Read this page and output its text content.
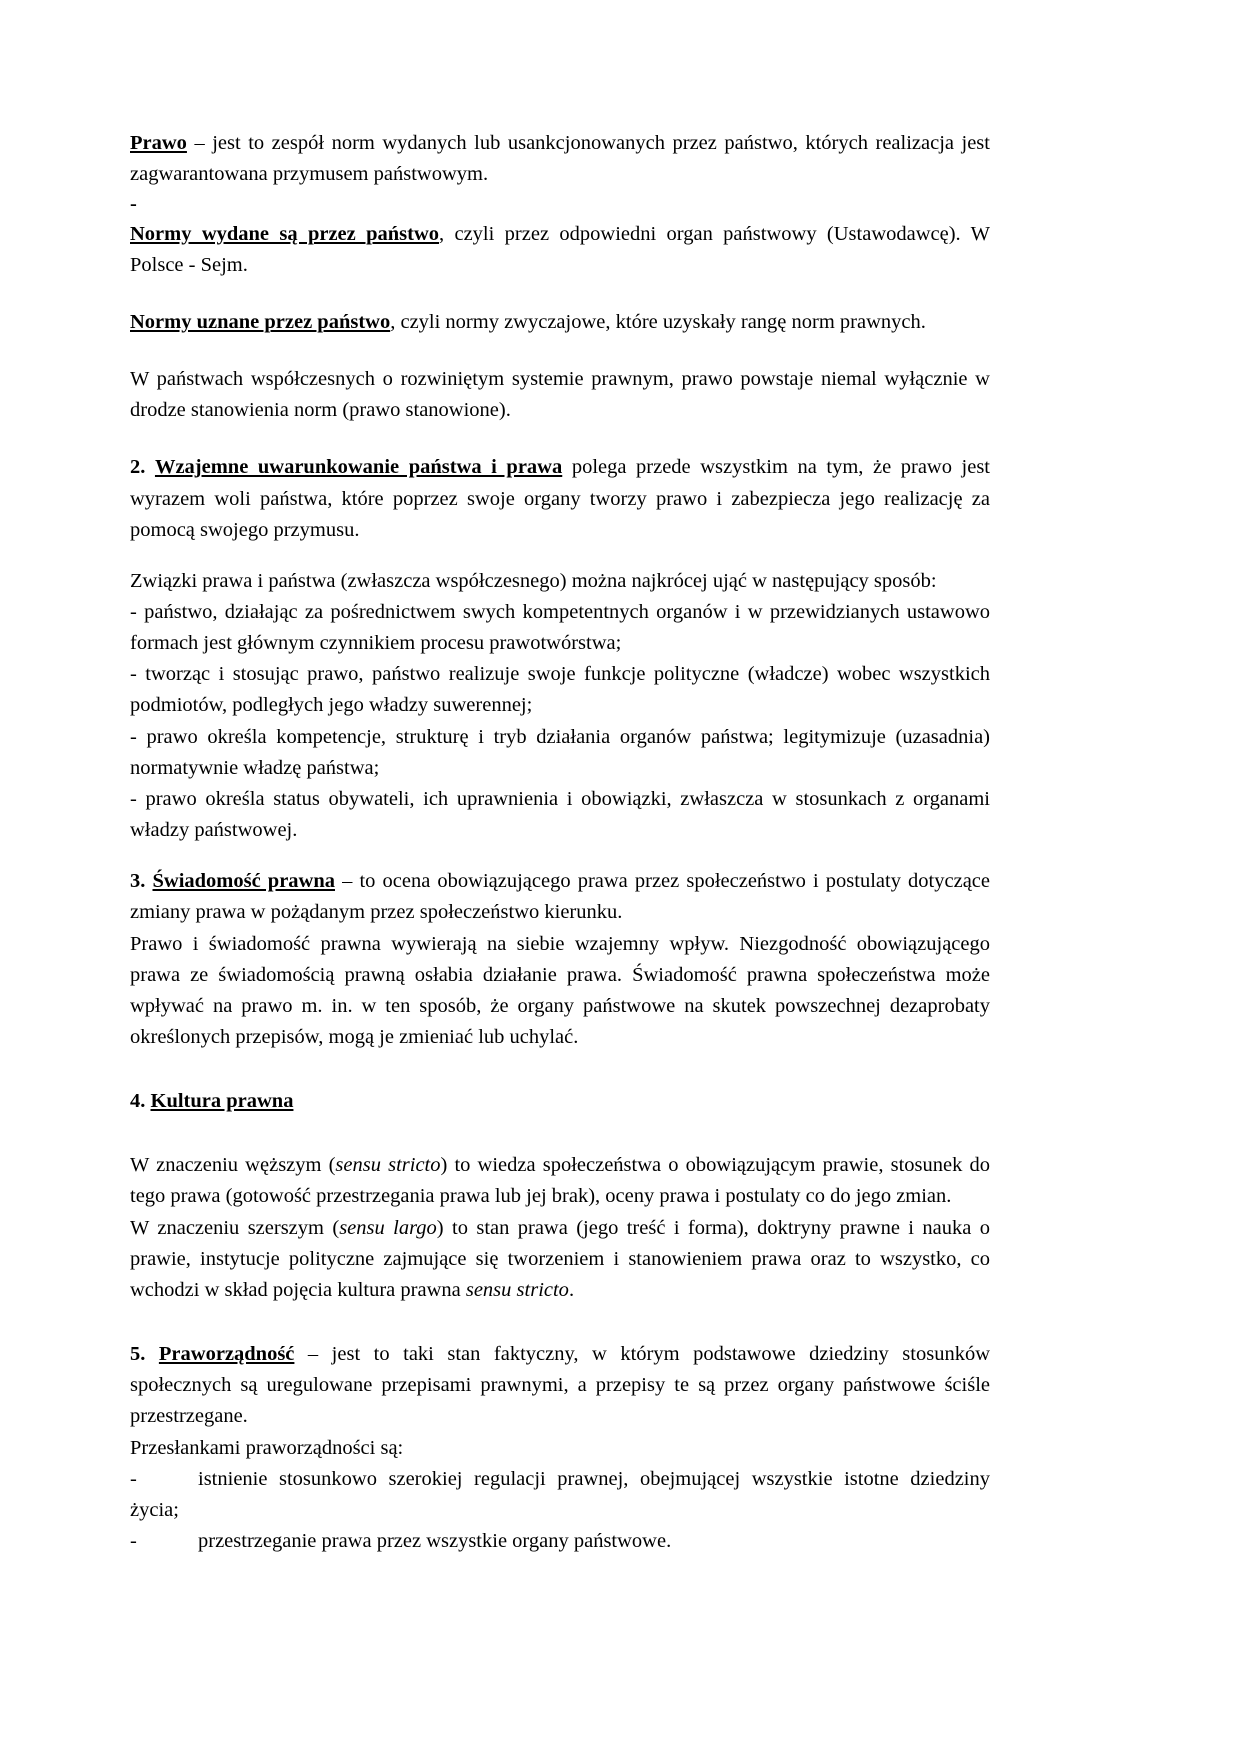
Prawo – jest to zespół norm wydanych lub usankcjonowanych przez państwo, których realizacja jest zagwarantowana przymusem państwowym.

-

Normy wydane są przez państwo, czyli przez odpowiedni organ państwowy (Ustawodawcę). W Polsce - Sejm.

Normy uznane przez państwo, czyli normy zwyczajowe, które uzyskały rangę norm prawnych.

W państwach współczesnych o rozwiniętym systemie prawnym, prawo powstaje niemal wyłącznie w drodze stanowienia norm (prawo stanowione).

2. Wzajemne uwarunkowanie państwa i prawa polega przede wszystkim na tym, że prawo jest wyrazem woli państwa, które poprzez swoje organy tworzy prawo i zabezpiecza jego realizację za pomocą swojego przymusu.

Związki prawa i państwa (zwłaszcza współczesnego) można najkrócej ująć w następujący sposób:

- państwo, działając za pośrednictwem swych kompetentnych organów i w przewidzianych ustawowo formach jest głównym czynnikiem procesu prawotwórstwa;

- tworząc i stosując prawo, państwo realizuje swoje funkcje polityczne (władcze) wobec wszystkich podmiotów, podległych jego władzy suwerennej;

- prawo określa kompetencje, strukturę i tryb działania organów państwa; legitymizuje (uzasadnia) normatywnie władzę państwa;

- prawo określa status obywateli, ich uprawnienia i obowiązki, zwłaszcza w stosunkach z organami władzy państwowej.

3. Świadomość prawna – to ocena obowiązującego prawa przez społeczeństwo i postulaty dotyczące zmiany prawa w pożądanym przez społeczeństwo kierunku.

Prawo i świadomość prawna wywierają na siebie wzajemny wpływ. Niezgodność obowiązującego prawa ze świadomością prawną osłabia działanie prawa. Świadomość prawna społeczeństwa może wpływać na prawo m. in. w ten sposób, że organy państwowe na skutek powszechnej dezaprobaty określonych przepisów, mogą je zmieniać lub uchylać.

4. Kultura prawna

W znaczeniu węższym (sensu stricto) to wiedza społeczeństwa o obowiązującym prawie, stosunek do tego prawa (gotowość przestrzegania prawa lub jej brak), oceny prawa i postulaty co do jego zmian.

W znaczeniu szerszym (sensu largo) to stan prawa (jego treść i forma), doktryny prawne i nauka o prawie, instytucje polityczne zajmujące się tworzeniem i stanowieniem prawa oraz to wszystko, co wchodzi w skład pojęcia kultura prawna sensu stricto.

5. Praworządność – jest to taki stan faktyczny, w którym podstawowe dziedziny stosunków społecznych są uregulowane przepisami prawnymi, a przepisy te są przez organy państwowe ściśle przestrzegane.

Przesłankami praworządności są:

-	istnienie stosunkowo szerokiej regulacji prawnej, obejmującej wszystkie istotne dziedziny życia;

-	przestrzeganie prawa przez wszystkie organy państwowe.
